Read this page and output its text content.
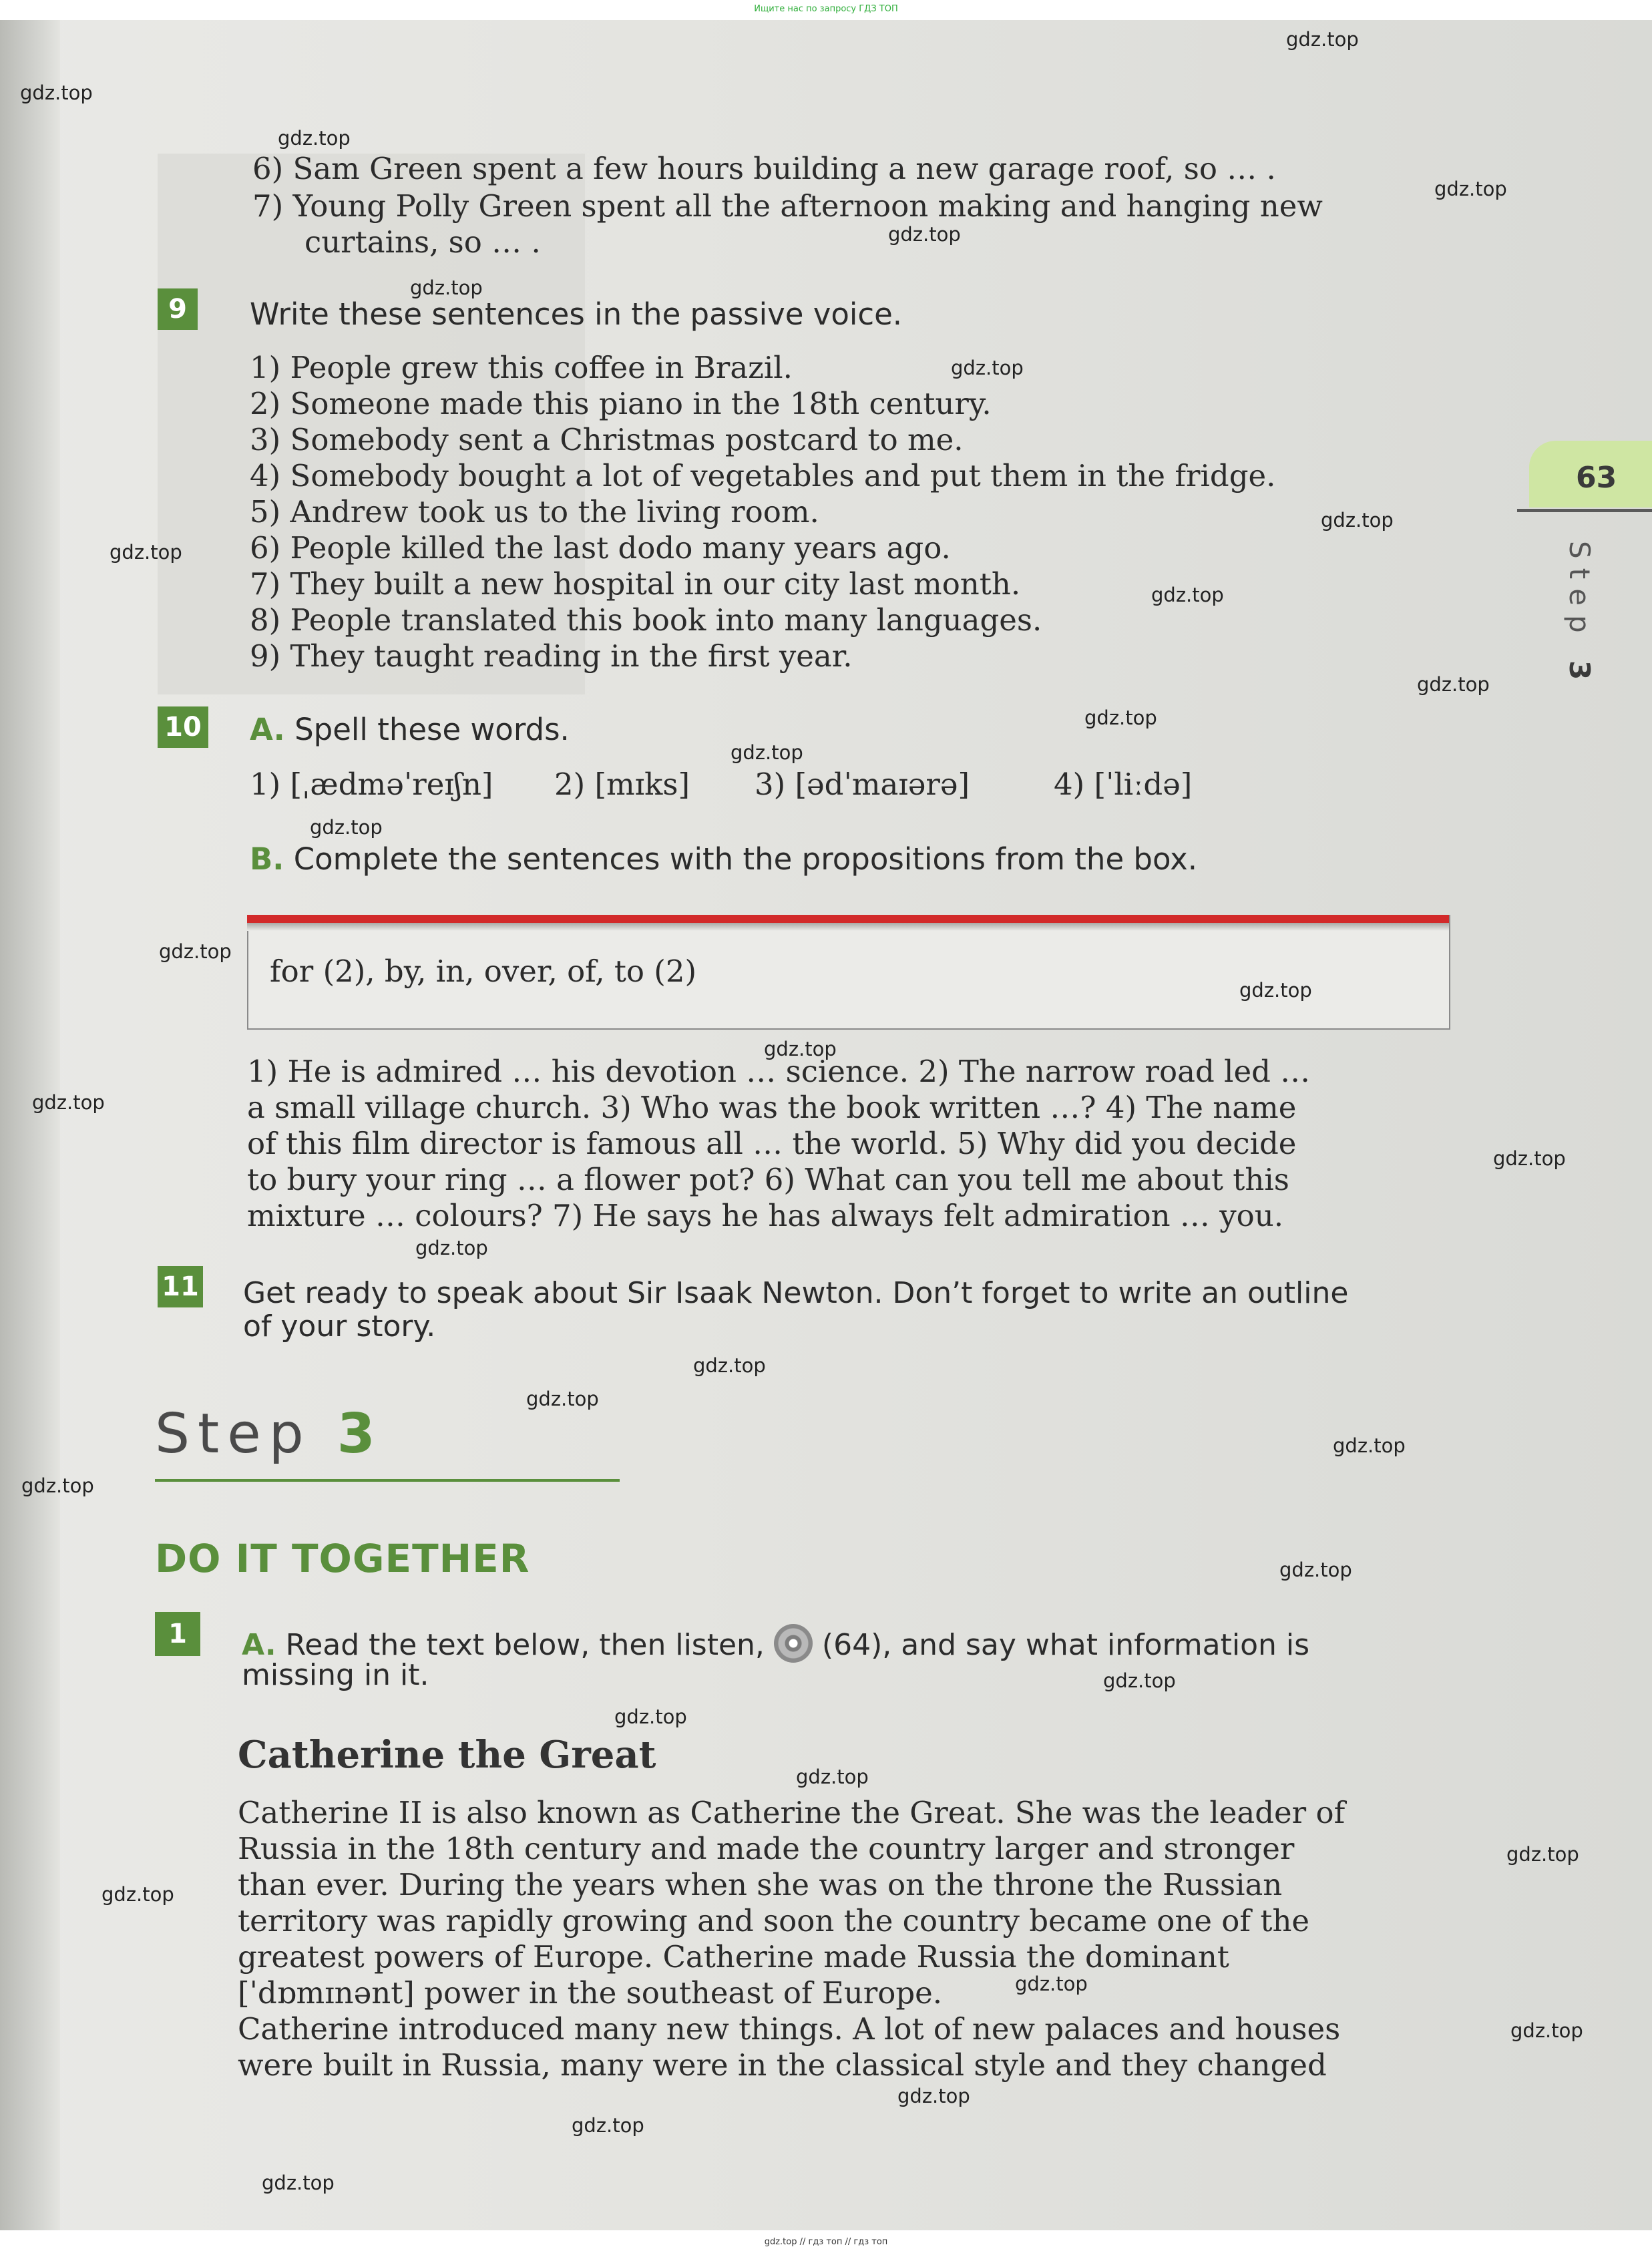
Ищите нас по запросу ГДЗ ТОП
63
Step 3
6) Sam Green spent a few hours building a new garage roof, so … .
7) Young Polly Green spent all the afternoon making and hanging new
curtains, so … .
9	Write these sentences in the passive voice.
1) People grew this coffee in Brazil.
2) Someone made this piano in the 18th century.
3) Somebody sent a Christmas postcard to me.
4) Somebody bought a lot of vegetables and put them in the fridge.
5) Andrew took us to the living room.
6) People killed the last dodo many years ago.
7) They built a new hospital in our city last month.
8) People translated this book into many languages.
9) They taught reading in the first year.
10 A. Spell these words.
1) [ˌædməˈreɪʃn] 2) [mɪks] 3) [ədˈmaɪərə]	4) [ˈliːdə]
B. Complete the sentences with the propositions from the box.
for (2), by, in, over, of, to (2)
1) He is admired … his devotion … science. 2) The narrow road led …
a small village church. 3) Who was the book written …? 4) The name
of this film director is famous all … the world. 5) Why did you decide
to bury your ring … a flower pot? 6) What can you tell me about this
mixture … colours? 7) He says he has always felt admiration … you.
11 Get ready to speak about Sir Isaak Newton. Don’t forget to write an outline
of your story.
Step 3
DO IT TOGETHER
1	A. Read the text below, then listen, (64), and say what information is
missing in it.
Catherine the Great
Catherine II is also known as Catherine the Great. She was the leader of
Russia in the 18th century and made the country larger and stronger
than ever. During the years when she was on the throne the Russian
territory was rapidly growing and soon the country became one of the
greatest powers of Europe. Catherine made Russia the dominant
[ˈdɒmɪnənt] power in the southeast of Europe.
Catherine introduced many new things. A lot of new palaces and houses
were built in Russia, many were in the classical style and they changed
gdz.top
gdz.top
gdz.top
gdz.top
gdz.top
gdz.top
gdz.top
gdz.top
gdz.top
gdz.top
gdz.top
gdz.top
gdz.top
gdz.top
gdz.top
gdz.top
gdz.top
gdz.top
gdz.top
gdz.top
gdz.top
gdz.top
gdz.top
gdz.top
gdz.top
gdz.top
gdz.top
gdz.top
gdz.top
gdz.top
gdz.top
gdz.top
gdz.top
gdz.top
gdz.top
gdz.top // гдз топ // гдз топ
